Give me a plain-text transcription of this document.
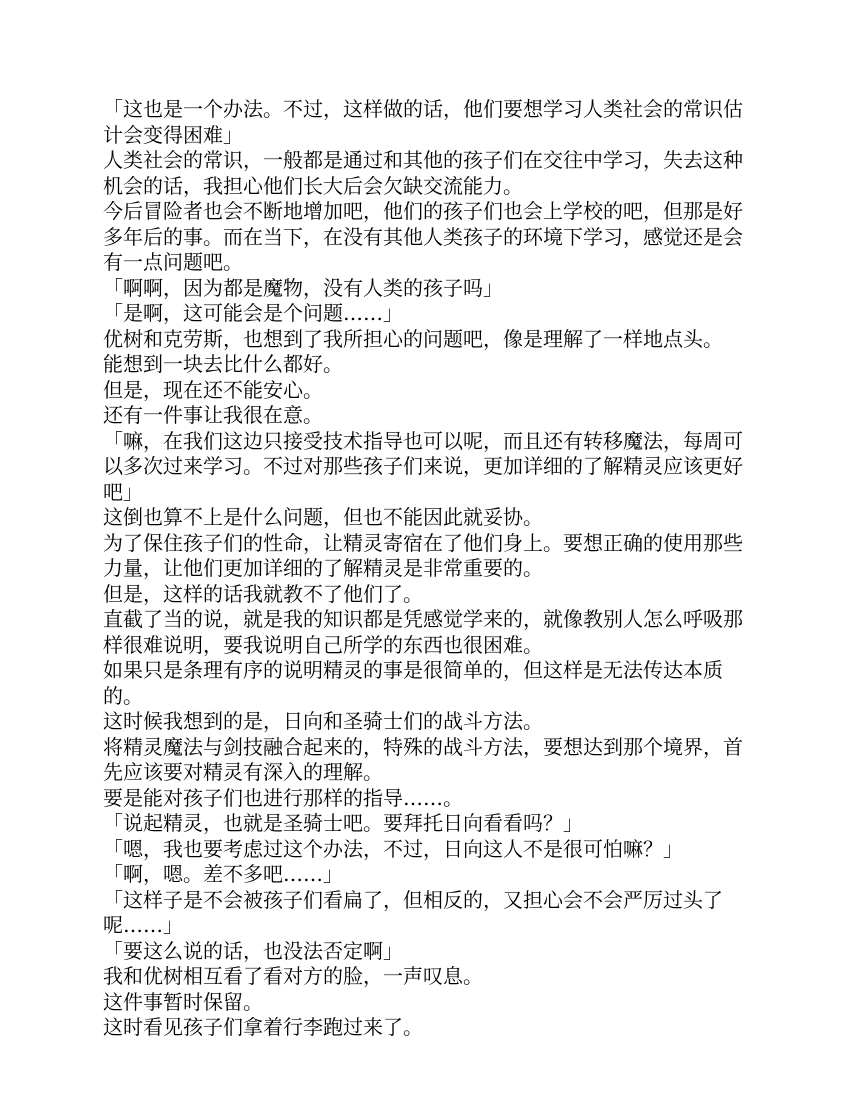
「这也是一个办法。不过，这样做的话，他们要想学习人类社会的常识估计会变得困难」

人类社会的常识，一般都是通过和其他的孩子们在交往中学习，失去这种机会的话，我担心他们长大后会欠缺交流能力。

今后冒险者也会不断地增加吧，他们的孩子们也会上学校的吧，但那是好多年后的事。而在当下，在没有其他人类孩子的环境下学习，感觉还是会有一点问题吧。

「啊啊，因为都是魔物，没有人类的孩子吗」

「是啊，这可能会是个问题……」

优树和克劳斯，也想到了我所担心的问题吧，像是理解了一样地点头。

能想到一块去比什么都好。

但是，现在还不能安心。

还有一件事让我很在意。

「嘛，在我们这边只接受技术指导也可以呢，而且还有转移魔法，每周可以多次过来学习。不过对那些孩子们来说，更加详细的了解精灵应该更好吧」

这倒也算不上是什么问题，但也不能因此就妥协。

为了保住孩子们的性命，让精灵寄宿在了他们身上。要想正确的使用那些力量，让他们更加详细的了解精灵是非常重要的。

但是，这样的话我就教不了他们了。

直截了当的说，就是我的知识都是凭感觉学来的，就像教别人怎么呼吸那样很难说明，要我说明自己所学的东西也很困难。

如果只是条理有序的说明精灵的事是很简单的，但这样是无法传达本质的。

这时候我想到的是，日向和圣骑士们的战斗方法。

将精灵魔法与剑技融合起来的，特殊的战斗方法，要想达到那个境界，首先应该要对精灵有深入的理解。

要是能对孩子们也进行那样的指导……。

「说起精灵，也就是圣骑士吧。要拜托日向看看吗？」

「嗯，我也要考虑过这个办法，不过，日向这人不是很可怕嘛？」

「啊，嗯。差不多吧……」

「这样子是不会被孩子们看扁了，但相反的，又担心会不会严厉过头了呢……」

「要这么说的话，也没法否定啊」

我和优树相互看了看对方的脸，一声叹息。

这件事暂时保留。

这时看见孩子们拿着行李跑过来了。
